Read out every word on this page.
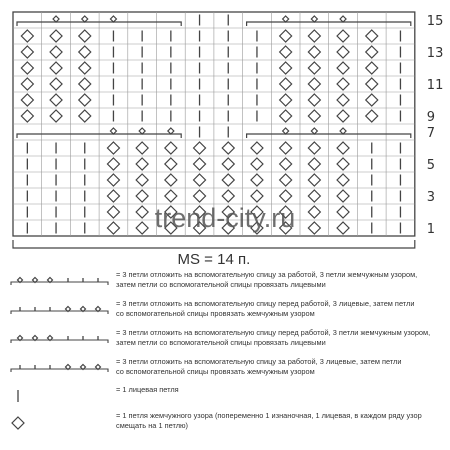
15
13
11
9
7
5
3
1
MS = 14 п.
= 3 петли отложить на вспомогательную спицу за работой, 3 петли жемчужным узором,
затем петли со вспомогательной спицы провязать лицевыми
= 3 петли отложить на вспомогательную спицу перед работой, 3 лицевые, затем петли
со вспомогательной спицы провязать жемчужным узором
= 3 петли отложить на вспомогательную спицу перед работой, 3 петли жемчужным узором,
затем петли со вспомогательной спицы провязать лицевыми
= 3 петли отложить на вспомогательную спицу за работой, 3 лицевые, затем петли
со вспомогательной спицы провязать жемчужным узором
= 1 лицевая петля
= 1 петля жемчужного узора (попеременно 1 изнаночная, 1 лицевая, в каждом ряду узор
смещать на 1 петлю)
trend-city.ru
